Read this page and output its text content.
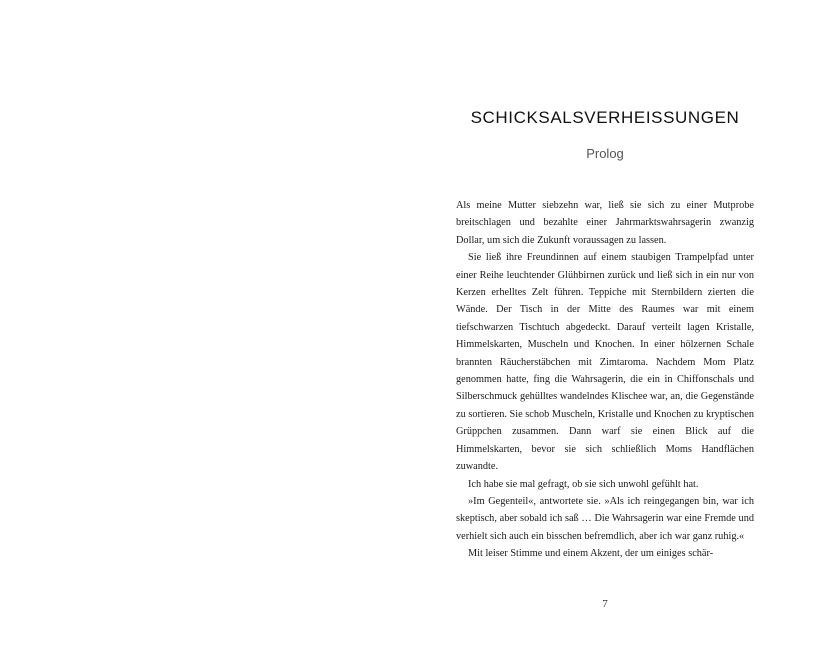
SCHICKSALSVERHEISSUNGEN
Prolog

Als meine Mutter siebzehn war, ließ sie sich zu einer Mutprobe breitschlagen und bezahlte einer Jahrmarktswahrsagerin zwanzig Dollar, um sich die Zukunft voraussagen zu lassen.

Sie ließ ihre Freundinnen auf einem staubigen Trampelpfad unter einer Reihe leuchtender Glühbirnen zurück und ließ sich in ein nur von Kerzen erhelltes Zelt führen. Teppiche mit Sternbildern zierten die Wände. Der Tisch in der Mitte des Raumes war mit einem tiefschwarzen Tischtuch abgedeckt. Darauf verteilt lagen Kristalle, Himmelskarten, Muscheln und Knochen. In einer hölzernen Schale brannten Räucherstäbchen mit Zimtaroma. Nachdem Mom Platz genommen hatte, fing die Wahrsagerin, die ein in Chiffonschals und Silberschmuck gehülltes wandelndes Klischee war, an, die Gegenstände zu sortieren. Sie schob Muscheln, Kristalle und Knochen zu kryptischen Grüppchen zusammen. Dann warf sie einen Blick auf die Himmelskarten, bevor sie sich schließlich Moms Handflächen zuwandte.

Ich habe sie mal gefragt, ob sie sich unwohl gefühlt hat.

»Im Gegenteil«, antwortete sie. »Als ich reingegangen bin, war ich skeptisch, aber sobald ich saß … Die Wahrsagerin war eine Fremde und verhielt sich auch ein bisschen befremdlich, aber ich war ganz ruhig.«

Mit leiser Stimme und einem Akzent, der um einiges schär-

7
